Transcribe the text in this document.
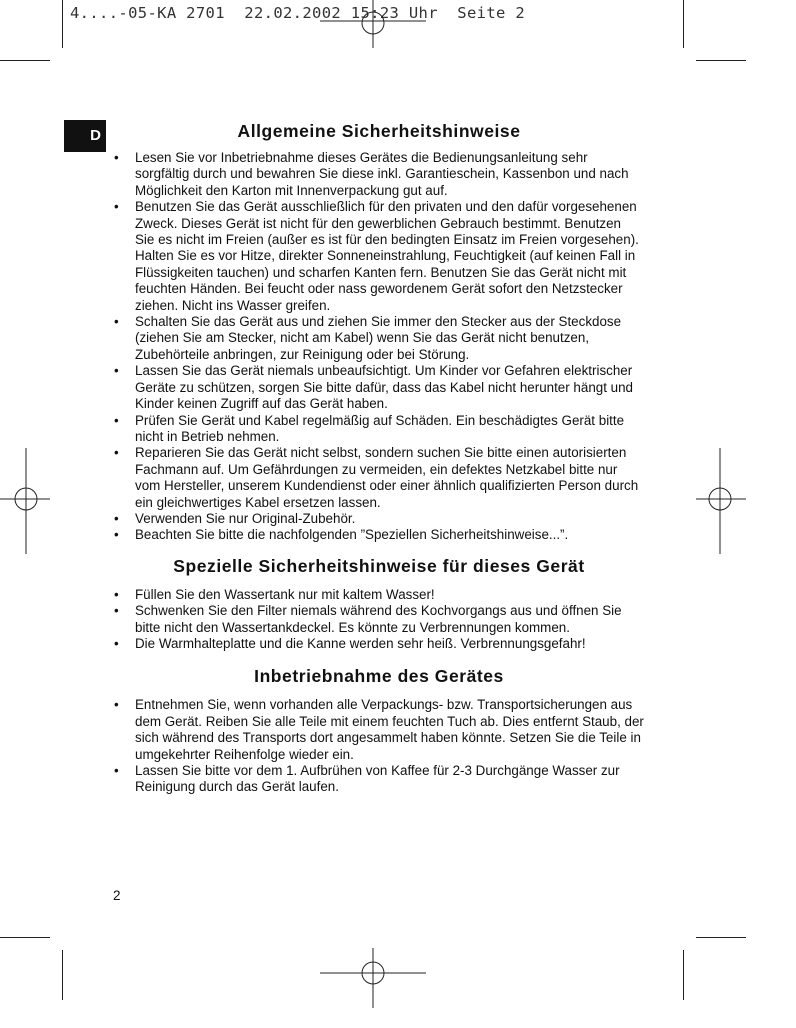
4....-05-KA 2701  22.02.2002 15:23 Uhr  Seite 2
D	Allgemeine Sicherheitshinweise
• Lesen Sie vor Inbetriebnahme dieses Gerätes die Bedienungsanleitung sehr sorgfältig durch und bewahren Sie diese inkl. Garantieschein, Kassenbon und nach Möglichkeit den Karton mit Innenverpackung gut auf.
• Benutzen Sie das Gerät ausschließlich für den privaten und den dafür vorgesehenen Zweck. Dieses Gerät ist nicht für den gewerblichen Gebrauch bestimmt. Benutzen Sie es nicht im Freien (außer es ist für den bedingten Einsatz im Freien vorgesehen). Halten Sie es vor Hitze, direkter Sonneneinstrahlung, Feuchtigkeit (auf keinen Fall in Flüssigkeiten tauchen) und scharfen Kanten fern. Benutzen Sie das Gerät nicht mit feuchten Händen. Bei feucht oder nass gewordenem Gerät sofort den Netzstecker ziehen. Nicht ins Wasser greifen.
• Schalten Sie das Gerät aus und ziehen Sie immer den Stecker aus der Steckdose (ziehen Sie am Stecker, nicht am Kabel) wenn Sie das Gerät nicht benutzen, Zubehörteile anbringen, zur Reinigung oder bei Störung.
• Lassen Sie das Gerät niemals unbeaufsichtigt. Um Kinder vor Gefahren elektrischer Geräte zu schützen, sorgen Sie bitte dafür, dass das Kabel nicht herunter hängt und Kinder keinen Zugriff auf das Gerät haben.
• Prüfen Sie Gerät und Kabel regelmäßig auf Schäden. Ein beschädigtes Gerät bitte nicht in Betrieb nehmen.
• Reparieren Sie das Gerät nicht selbst, sondern suchen Sie bitte einen autorisierten Fachmann auf. Um Gefährdungen zu vermeiden, ein defektes Netzkabel bitte nur vom Hersteller, unserem Kundendienst oder einer ähnlich qualifizierten Person durch ein gleichwertiges Kabel ersetzen lassen.
• Verwenden Sie nur Original-Zubehör.
• Beachten Sie bitte die nachfolgenden ”Speziellen Sicherheitshinweise...”.
Spezielle Sicherheitshinweise für dieses Gerät
• Füllen Sie den Wassertank nur mit kaltem Wasser!
• Schwenken Sie den Filter niemals während des Kochvorgangs aus und öffnen Sie bitte nicht den Wassertankdeckel. Es könnte zu Verbrennungen kommen.
• Die Warmhalteplatte und die Kanne werden sehr heiß. Verbrennungsgefahr!
Inbetriebnahme des Gerätes
• Entnehmen Sie, wenn vorhanden alle Verpackungs- bzw. Transportsicherungen aus dem Gerät. Reiben Sie alle Teile mit einem feuchten Tuch ab. Dies entfernt Staub, der sich während des Transports dort angesammelt haben könnte. Setzen Sie die Teile in umgekehrter Reihenfolge wieder ein.
• Lassen Sie bitte vor dem 1. Aufbrühen von Kaffee für 2-3 Durchgänge Wasser zur Reinigung durch das Gerät laufen.
2
